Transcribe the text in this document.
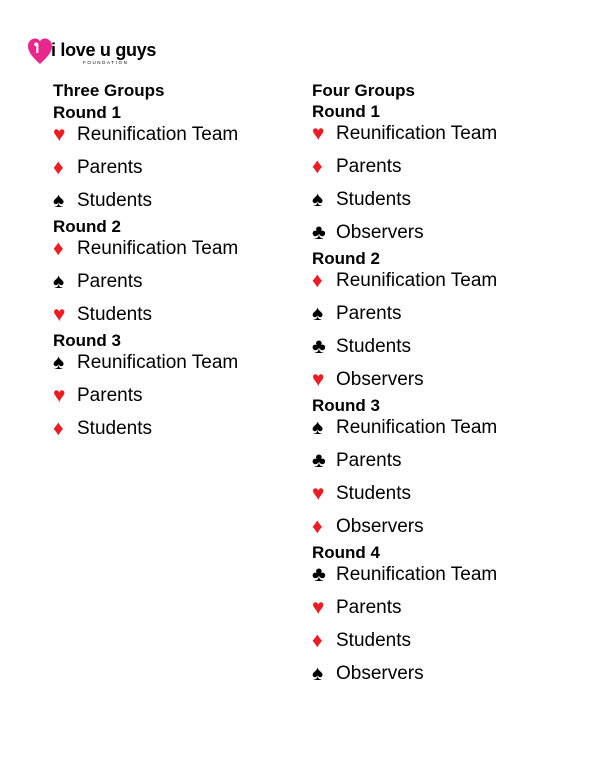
i love u guys
FOUNDATION
Three Groups
Round 1
♥ Reunification Team
♦ Parents
♠ Students
Round 2
♦ Reunification Team
♠ Parents
♥ Students
Round 3
♠ Reunification Team
♥ Parents
♦ Students
Four Groups
Round 1
♥ Reunification Team
♦ Parents
♠ Students
♣ Observers
Round 2
♦ Reunification Team
♠ Parents
♣ Students
♥ Observers
Round 3
♠ Reunification Team
♣ Parents
♥ Students
♦ Observers
Round 4
♣ Reunification Team
♥ Parents
♦ Students
♠ Observers
